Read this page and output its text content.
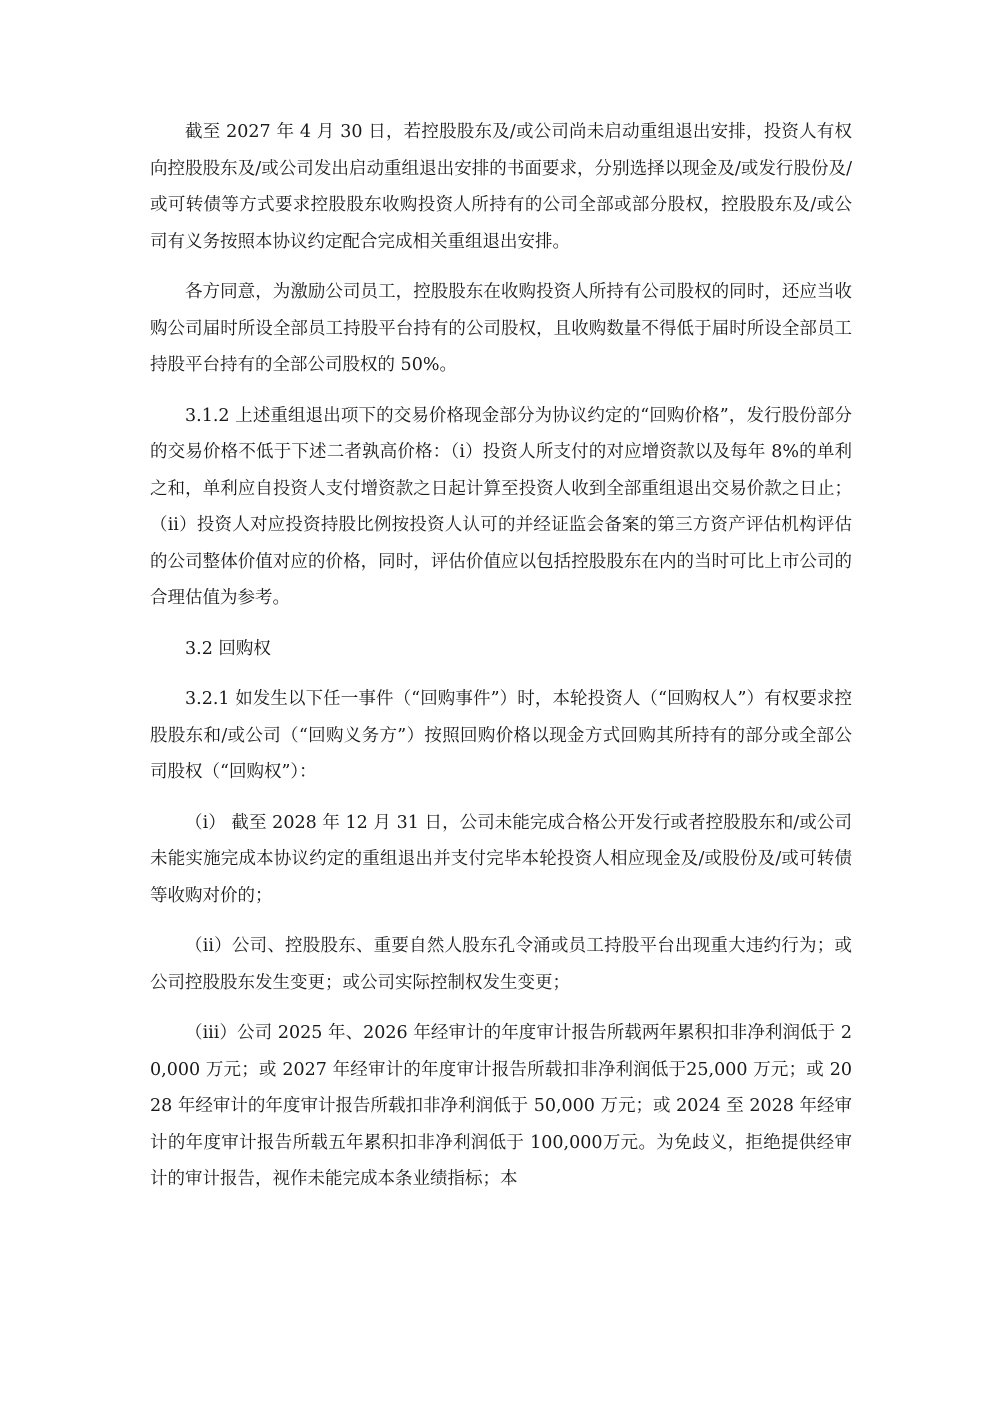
截至 2027 年 4 月 30 日，若控股股东及/或公司尚未启动重组退出安排，投资人有权向控股股东及/或公司发出启动重组退出安排的书面要求，分别选择以现金及/或发行股份及/或可转债等方式要求控股股东收购投资人所持有的公司全部或部分股权，控股股东及/或公司有义务按照本协议约定配合完成相关重组退出安排。

各方同意，为激励公司员工，控股股东在收购投资人所持有公司股权的同时，还应当收购公司届时所设全部员工持股平台持有的公司股权，且收购数量不得低于届时所设全部员工持股平台持有的全部公司股权的 50%。

3.1.2 上述重组退出项下的交易价格现金部分为协议约定的“回购价格”，发行股份部分的交易价格不低于下述二者孰高价格：（i）投资人所支付的对应增资款以及每年 8%的单利之和，单利应自投资人支付增资款之日起计算至投资人收到全部重组退出交易价款之日止；（ii）投资人对应投资持股比例按投资人认可的并经证监会备案的第三方资产评估机构评估的公司整体价值对应的价格，同时，评估价值应以包括控股股东在内的当时可比上市公司的合理估值为参考。

3.2 回购权

3.2.1 如发生以下任一事件（“回购事件”）时，本轮投资人（“回购权人”）有权要求控股股东和/或公司（“回购义务方”）按照回购价格以现金方式回购其所持有的部分或全部公司股权（“回购权”）：

（i） 截至 2028 年 12 月 31 日，公司未能完成合格公开发行或者控股股东和/或公司未能实施完成本协议约定的重组退出并支付完毕本轮投资人相应现金及/或股份及/或可转债等收购对价的；

（ii）公司、控股股东、重要自然人股东孔令涌或员工持股平台出现重大违约行为；或公司控股股东发生变更；或公司实际控制权发生变更；

（iii）公司 2025 年、2026 年经审计的年度审计报告所载两年累积扣非净利润低于 20,000 万元；或 2027 年经审计的年度审计报告所载扣非净利润低于25,000 万元；或 2028 年经审计的年度审计报告所载扣非净利润低于 50,000 万元；或 2024 至 2028 年经审计的年度审计报告所载五年累积扣非净利润低于 100,000万元。为免歧义，拒绝提供经审计的审计报告，视作未能完成本条业绩指标；本
